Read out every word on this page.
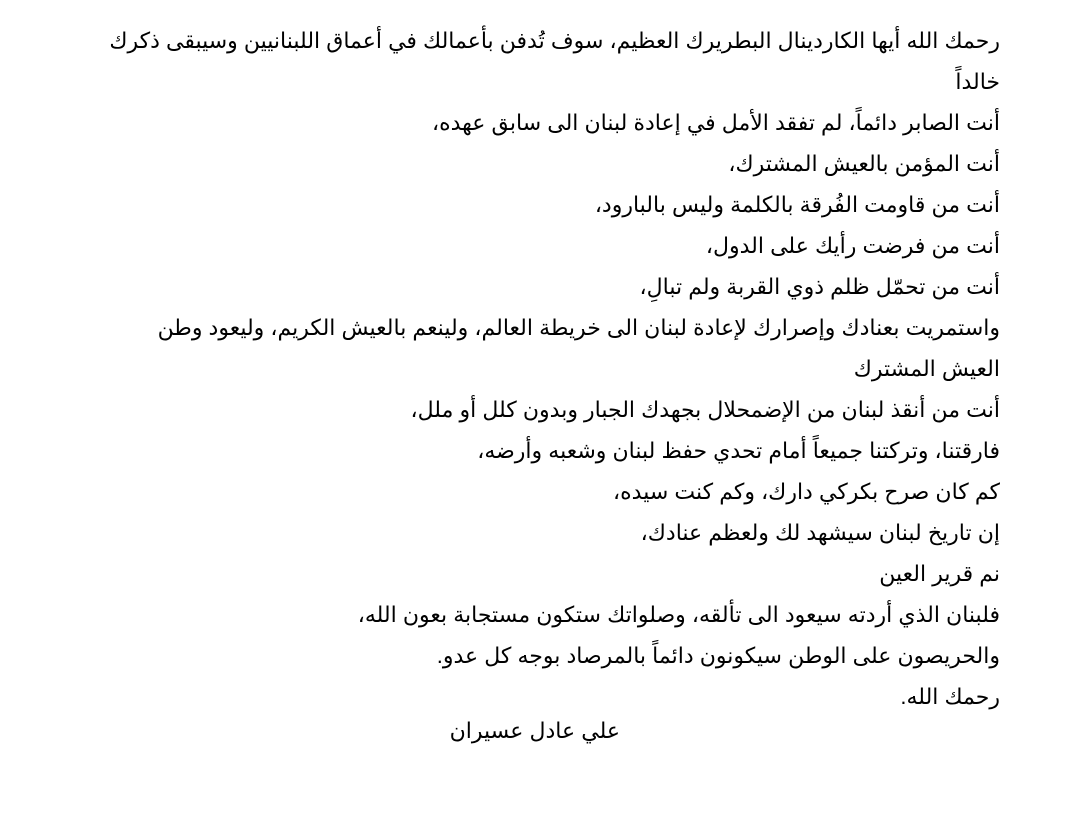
رحمك الله أيها الكاردينال البطريرك العظيم، سوف تُدفن بأعمالك في أعماق اللبنانيين وسيبقى ذكرك خالداً

أنت الصابر دائماً، لم تفقد الأمل في إعادة لبنان الى سابق عهده،

أنت المؤمن بالعيش المشترك،

أنت من قاومت الفُرقة بالكلمة وليس بالبارود،

أنت من فرضت رأيك على الدول،

أنت من تحمّل ظلم ذوي القربة ولم تبالِ،

واستمريت بعنادك وإصرارك لإعادة لبنان الى خريطة العالم، ولينعم بالعيش الكريم، وليعود وطن العيش المشترك

أنت من أنقذ لبنان من الإضمحلال بجهدك الجبار وبدون كلل أو ملل،

فارقتنا، وتركتنا جميعاً أمام تحدي حفظ لبنان وشعبه وأرضه،

كم كان صرح بكركي دارك، وكم كنت سيده،

إن تاريخ لبنان سيشهد لك ولعظم عنادك،

نم قرير العين

فلبنان الذي أردته سيعود الى تألقه، وصلواتك ستكون مستجابة بعون الله،

والحريصون على الوطن سيكونون دائماً بالمرصاد بوجه كل عدو.

رحمك الله.

علي عادل عسيران
